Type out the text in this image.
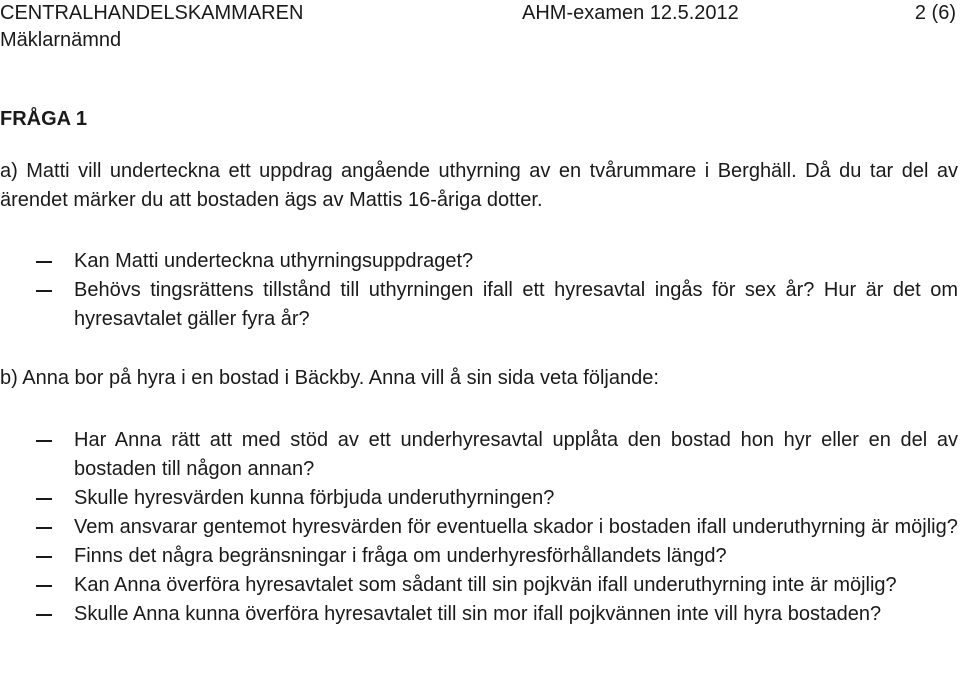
CENTRALHANDELSKAMMAREN	AHM-examen 12.5.2012	2 (6)
Mäklarnämnd
FRÅGA 1

a) Matti vill underteckna ett uppdrag angående uthyrning av en tvårummare i Berghäll. Då du tar del av ärendet märker du att bostaden ägs av Mattis 16-åriga dotter.

Kan Matti underteckna uthyrningsuppdraget?
Behövs tingsrättens tillstånd till uthyrningen ifall ett hyresavtal ingås för sex år? Hur är det om hyresavtalet gäller fyra år?

b) Anna bor på hyra i en bostad i Bäckby. Anna vill å sin sida veta följande:

Har Anna rätt att med stöd av ett underhyresavtal upplåta den bostad hon hyr eller en del av bostaden till någon annan?
Skulle hyresvärden kunna förbjuda underuthyrningen?
Vem ansvarar gentemot hyresvärden för eventuella skador i bostaden ifall underuthyrning är möjlig?
Finns det några begränsningar i fråga om underhyresförhållandets längd?
Kan Anna överföra hyresavtalet som sådant till sin pojkvän ifall underuthyrning inte är möjlig?
Skulle Anna kunna överföra hyresavtalet till sin mor ifall pojkvännen inte vill hyra bostaden?
